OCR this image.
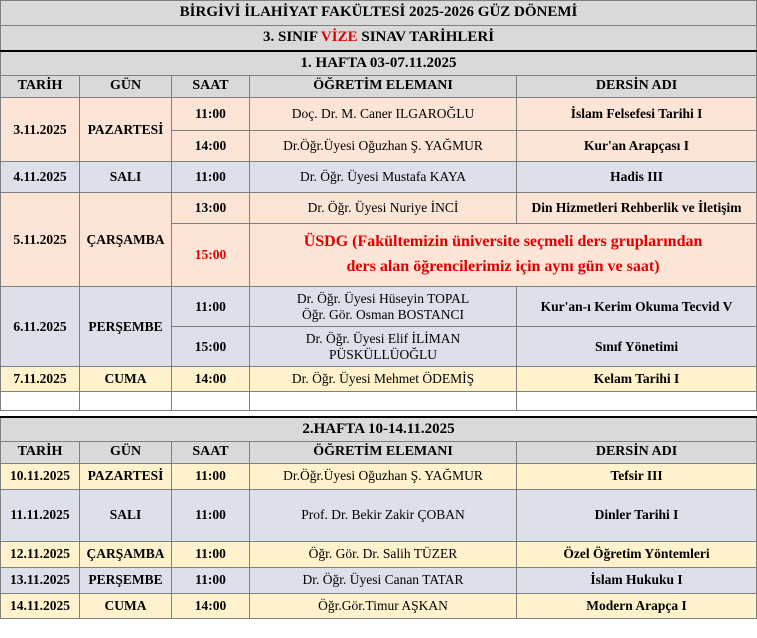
BİRGİVİ İLAHİYAT FAKÜLTESİ 2025-2026 GÜZ DÖNEMİ				
3. SINIF VİZE SINAV TARİHLERİ				
1. HAFTA 03-07.11.2025				
TARİH	GÜN	SAAT	ÖĞRETİM ELEMANI	DERSİN ADI
3.11.2025	PAZARTESİ	11:00	Doç. Dr. M. Caner ILGAROĞLU	İslam Felsefesi Tarihi I
		14:00	Dr.Öğr.Üyesi Oğuzhan Ş. YAĞMUR	Kur'an Arapçası I
4.11.2025	SALI	11:00	Dr. Öğr. Üyesi Mustafa KAYA	Hadis III
5.11.2025	ÇARŞAMBA	13:00	Dr. Öğr. Üyesi Nuriye İNCİ	Din Hizmetleri Rehberlik ve İletişim
		15:00	ÜSDG (Fakültemizin üniversite seçmeli ders gruplarından
ders alan öğrencilerimiz için aynı gün ve saat)	

6.11.2025	PERŞEMBE	11:00	Dr. Öğr. Üyesi Hüseyin TOPAL
Öğr. Gör. Osman BOSTANCI	Kur'an-ı Kerim Okuma Tecvid V
		15:00	Dr. Öğr. Üyesi Elif İLİMAN
PÜSKÜLLÜOĞLU	Sınıf Yönetimi
7.11.2025	CUMA	14:00	Dr. Öğr. Üyesi Mehmet ÖDEMİŞ	Kelam Tarihi I

2.HAFTA 10-14.11.2025				
TARİH	GÜN	SAAT	ÖĞRETİM ELEMANI	DERSİN ADI
10.11.2025	PAZARTESİ	11:00	Dr.Öğr.Üyesi Oğuzhan Ş. YAĞMUR	Tefsir III
11.11.2025	SALI	11:00	Prof. Dr. Bekir Zakir ÇOBAN	Dinler Tarihi I
12.11.2025	ÇARŞAMBA	11:00	Öğr. Gör. Dr. Salih TÜZER	Özel Öğretim Yöntemleri
13.11.2025	PERŞEMBE	11:00	Dr. Öğr. Üyesi Canan TATAR	İslam Hukuku I
14.11.2025	CUMA	14:00	Öğr.Gör.Timur AŞKAN	Modern Arapça I
